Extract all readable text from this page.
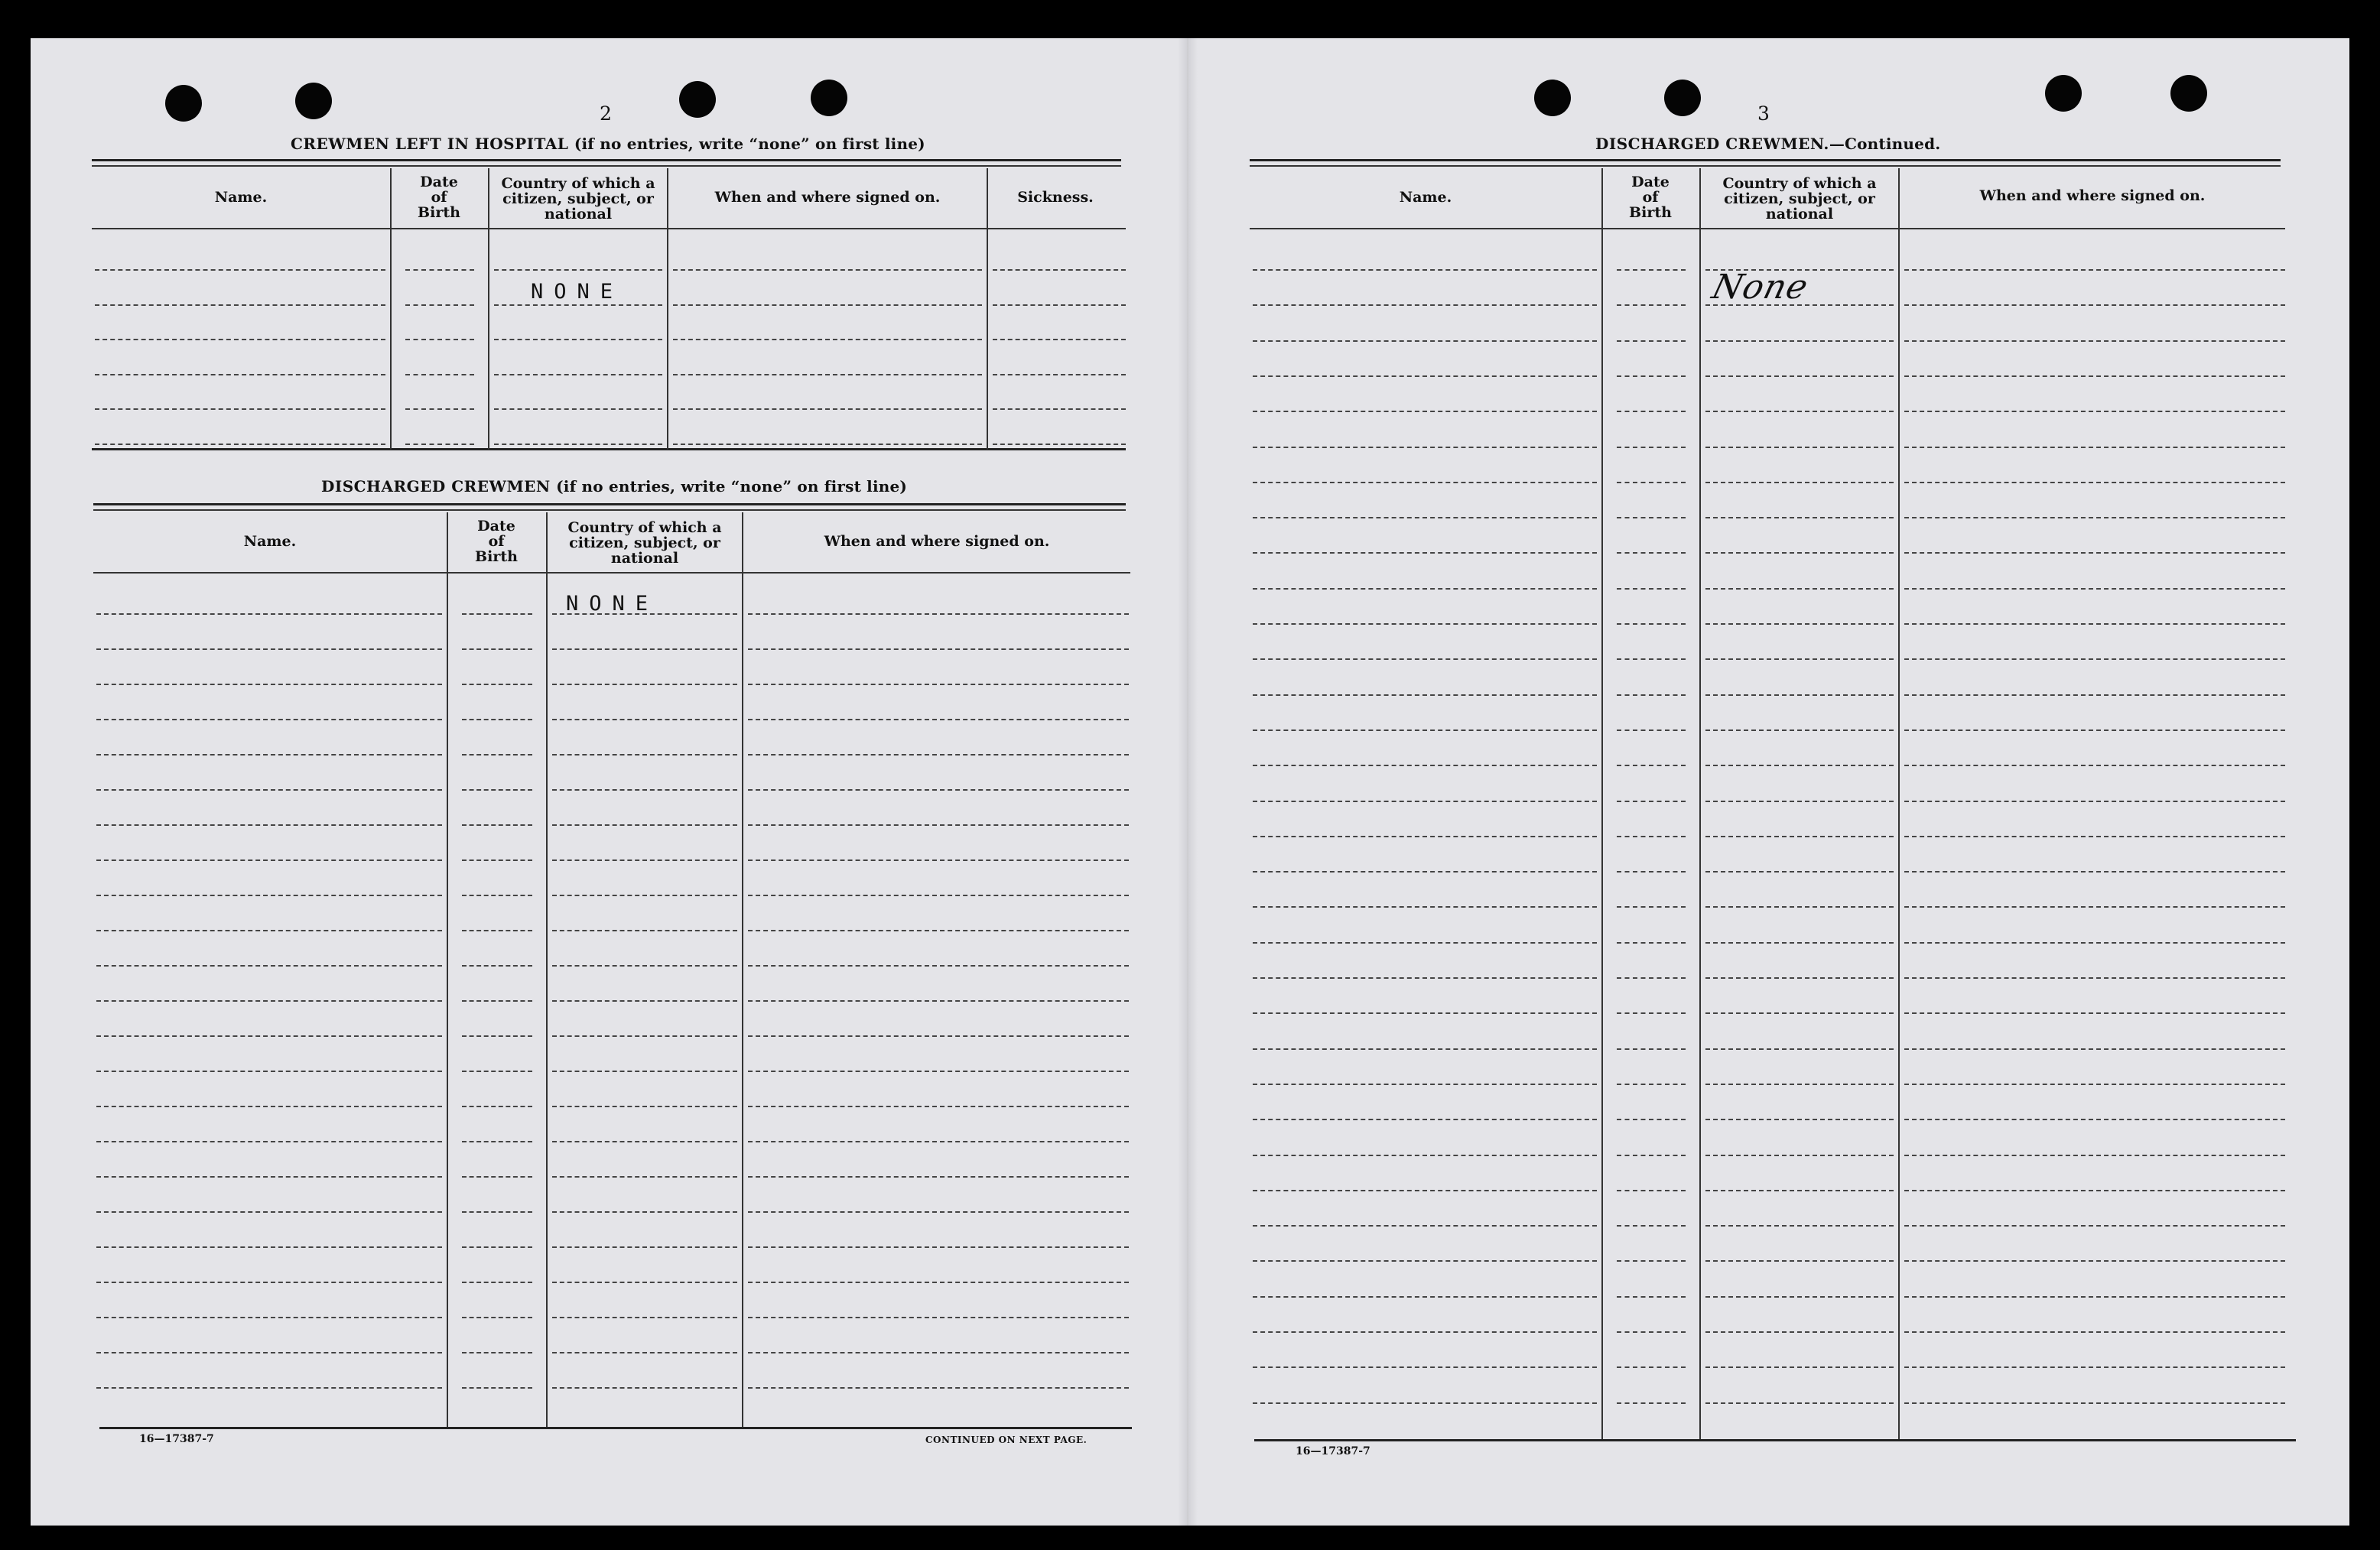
2
CREWMEN LEFT IN HOSPITAL (if no entries, write “none” on first line)
Name.
Date
of
Birth
Country of which a
citizen, subject, or
national
When and where signed on.	Sickness.
NONE
DISCHARGED CREWMEN (if no entries, write “none” on first line)
Name.
Date
of
Birth
Country of which a
citizen, subject, or
national
When and where signed on.
NONE
16—17387-7	CONTINUED ON NEXT PAGE.
3
DISCHARGED CREWMEN.—Continued.
Name.
Date
of
Birth
Country of which a
citizen, subject, or
national
When and where signed on.
None
16—17387-7
